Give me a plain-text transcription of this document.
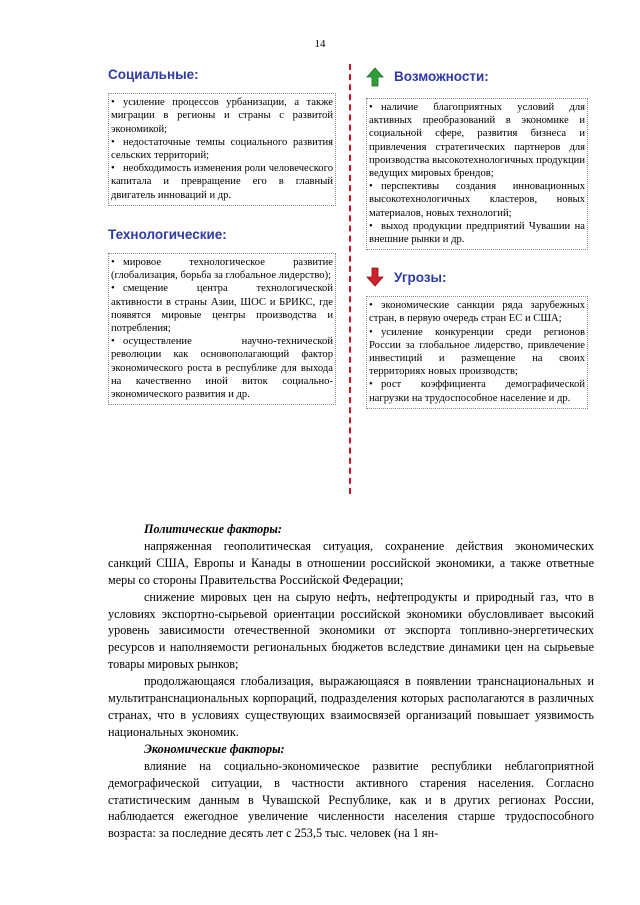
14
Социальные:

• усиление процессов урбанизации, а также миграции в регионы и страны с развитой экономикой;

• недостаточные темпы социального развития сельских территорий;

• необходимость изменения роли человеческого капитала и превращение его в главный двигатель инноваций и др.

Технологические:

• мировое технологическое развитие (глобализация, борьба за глобальное лидерство);

• смещение центра технологической активности в страны Азии, ШОС и БРИКС, где появятся мировые центры производства и потребления;

• осуществление научно-технической революции как основополагающий фактор экономического роста в республике для выхода на качественно иной виток социально-экономического развития и др.

Возможности:

• наличие благоприятных условий для активных преобразований в экономике и социальной сфере, развития бизнеса и привлечения стратегических партнеров для производства высокотехнологичных продукции ведущих мировых брендов;

• перспективы создания инновационных высокотехнологичных кластеров, новых материалов, новых технологий;

• выход продукции предприятий Чувашии на внешние рынки и др.

Угрозы:

• экономические санкции ряда зарубежных стран, в первую очередь стран ЕС и США;

• усиление конкуренции среди регионов России за глобальное лидерство, привлечение инвестиций и размещение на своих территориях новых производств;

• рост коэффициента демографической нагрузки на трудоспособное население и др.

Политические факторы:

напряженная геополитическая ситуация, сохранение действия экономических санкций США, Европы и Канады в отношении российской экономики, а также ответные меры со стороны Правительства Российской Федерации;

снижение мировых цен на сырую нефть, нефтепродукты и природный газ, что в условиях экспортно-сырьевой ориентации российской экономики обусловливает высокий уровень зависимости отечественной экономики от экспорта топливно-энергетических ресурсов и наполняемости региональных бюджетов вследствие динамики цен на сырьевые товары мировых рынков;

продолжающаяся глобализация, выражающаяся в появлении транснациональных и мультитранснациональных корпораций, подразделения которых располагаются в различных странах, что в условиях существующих взаимосвязей организаций повышает уязвимость национальных экономик.

Экономические факторы:

влияние на социально-экономическое развитие республики неблагоприятной демографической ситуации, в частности активного старения населения. Согласно статистическим данным в Чувашской Республике, как и в других регионах России, наблюдается ежегодное увеличение численности населения старше трудоспособного возраста: за последние десять лет с 253,5 тыс. человек (на 1 ян-
